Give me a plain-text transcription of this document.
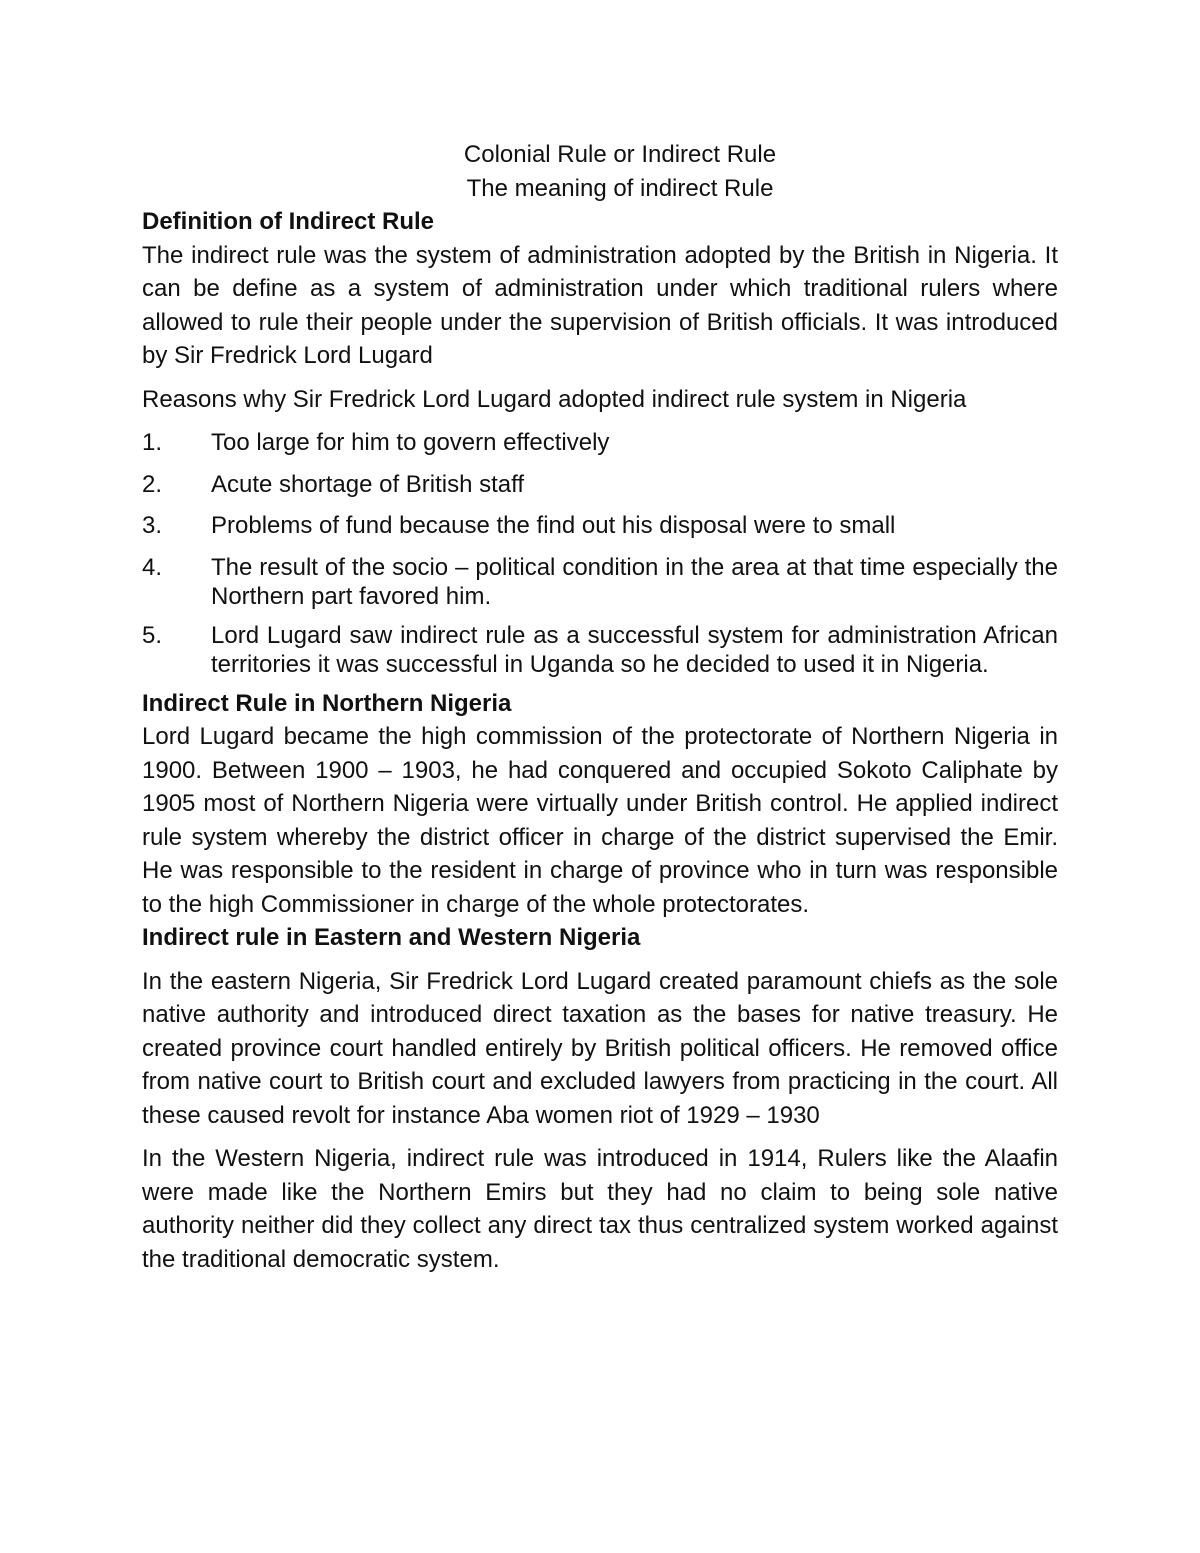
Colonial Rule or Indirect Rule

The meaning of indirect Rule

Definition of Indirect Rule

The indirect rule was the system of administration adopted by the British in Nigeria. It can be define as a system of administration under which traditional rulers where allowed to rule their people under the supervision of British officials. It was introduced by Sir Fredrick Lord Lugard

Reasons why Sir Fredrick Lord Lugard adopted indirect rule system in Nigeria

1.	Too large for him to govern effectively
2.	Acute shortage of British staff
3.	Problems of fund because the find out his disposal were to small
4.	The result of the socio – political condition in the area at that time especially the Northern part favored him.
5.	Lord Lugard saw indirect rule as a successful system for administration African territories it was successful in Uganda so he decided to used it in Nigeria.

Indirect Rule in Northern Nigeria

Lord Lugard became the high commission of the protectorate of Northern Nigeria in 1900. Between 1900 – 1903, he had conquered and occupied Sokoto Caliphate by 1905 most of Northern Nigeria were virtually under British control. He applied indirect rule system whereby the district officer in charge of the district supervised the Emir. He was responsible to the resident in charge of province who in turn was responsible to the high Commissioner in charge of the whole protectorates.

Indirect rule in Eastern and Western Nigeria

In the eastern Nigeria, Sir Fredrick Lord Lugard created paramount chiefs as the sole native authority and introduced direct taxation as the bases for native treasury. He created province court handled entirely by British political officers. He removed office from native court to British court and excluded lawyers from practicing in the court. All these caused revolt for instance Aba women riot of 1929 – 1930

In the Western Nigeria, indirect rule was introduced in 1914, Rulers like the Alaafin were made like the Northern Emirs but they had no claim to being sole native authority neither did they collect any direct tax thus centralized system worked against the traditional democratic system.
